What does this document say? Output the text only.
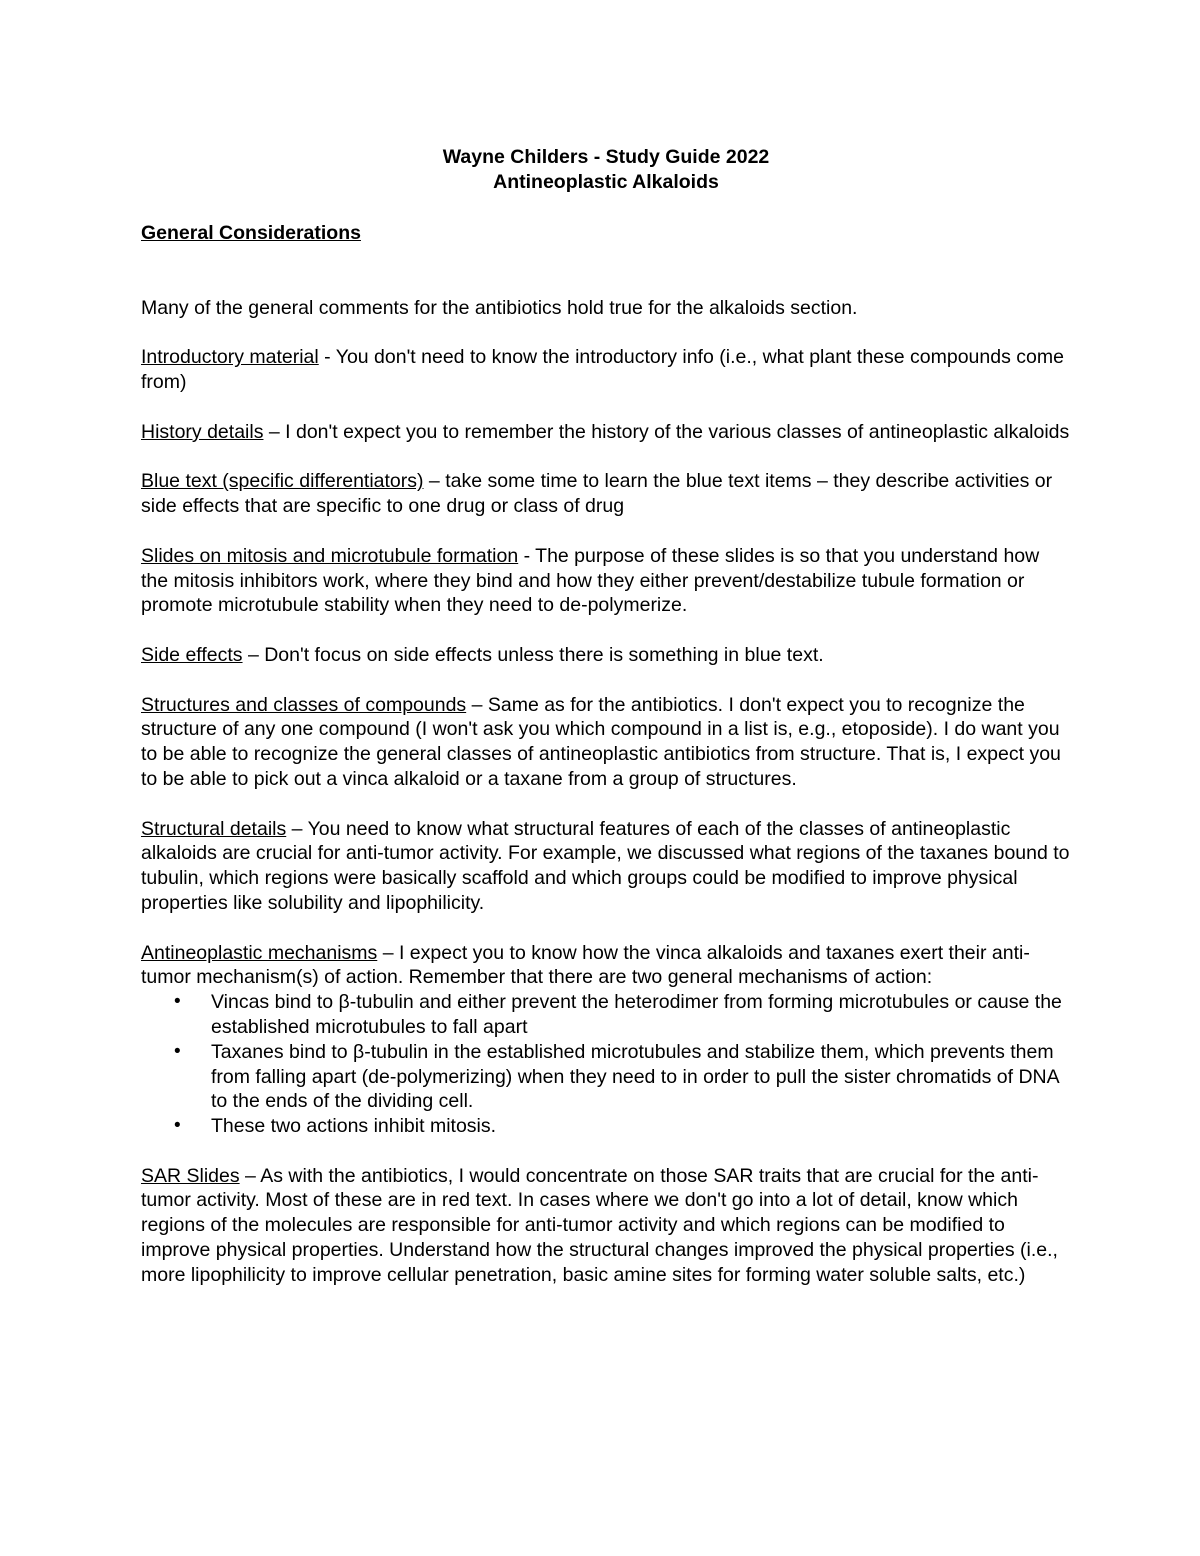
Wayne Childers - Study Guide 2022
Antineoplastic Alkaloids
General Considerations
Many of the general comments for the antibiotics hold true for the alkaloids section.
Introductory material - You don't need to know the introductory info (i.e., what plant these compounds come from)
History details – I don't expect you to remember the history of the various classes of antineoplastic alkaloids
Blue text (specific differentiators) – take some time to learn the blue text items – they describe activities or side effects that are specific to one drug or class of drug
Slides on mitosis and microtubule formation - The purpose of these slides is so that you understand how the mitosis inhibitors work, where they bind and how they either prevent/destabilize tubule formation or promote microtubule stability when they need to de-polymerize.
Side effects – Don't focus on side effects unless there is something in blue text.
Structures and classes of compounds – Same as for the antibiotics. I don't expect you to recognize the structure of any one compound (I won't ask you which compound in a list is, e.g., etoposide). I do want you to be able to recognize the general classes of antineoplastic antibiotics from structure. That is, I expect you to be able to pick out a vinca alkaloid or a taxane from a group of structures.
Structural details – You need to know what structural features of each of the classes of antineoplastic alkaloids are crucial for anti-tumor activity. For example, we discussed what regions of the taxanes bound to tubulin, which regions were basically scaffold and which groups could be modified to improve physical properties like solubility and lipophilicity.
Antineoplastic mechanisms – I expect you to know how the vinca alkaloids and taxanes exert their anti-tumor mechanism(s) of action. Remember that there are two general mechanisms of action:
• Vincas bind to β-tubulin and either prevent the heterodimer from forming microtubules or cause the established microtubules to fall apart
• Taxanes bind to β-tubulin in the established microtubules and stabilize them, which prevents them from falling apart (de-polymerizing) when they need to in order to pull the sister chromatids of DNA to the ends of the dividing cell.
• These two actions inhibit mitosis.
SAR Slides – As with the antibiotics, I would concentrate on those SAR traits that are crucial for the anti-tumor activity. Most of these are in red text. In cases where we don't go into a lot of detail, know which regions of the molecules are responsible for anti-tumor activity and which regions can be modified to improve physical properties. Understand how the structural changes improved the physical properties (i.e., more lipophilicity to improve cellular penetration, basic amine sites for forming water soluble salts, etc.)
